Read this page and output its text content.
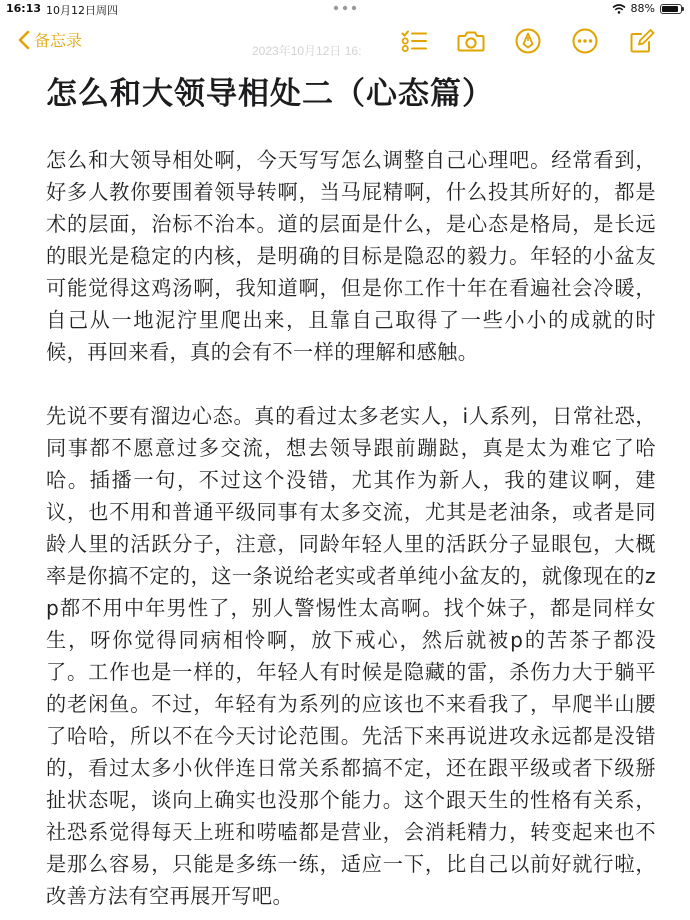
16:13 10月12日周四	88%
备忘录
2023年10月12日 16:
怎么和大领导相处二（心态篇）

怎么和大领导相处啊，今天写写怎么调整自己心理吧。经常看到，好多人教你要围着领导转啊，当马屁精啊，什么投其所好的，都是术的层面，治标不治本。道的层面是什么，是心态是格局，是长远的眼光是稳定的内核，是明确的目标是隐忍的毅力。年轻的小盆友可能觉得这鸡汤啊，我知道啊，但是你工作十年在看遍社会冷暖，自己从一地泥泞里爬出来，且靠自己取得了一些小小的成就的时候，再回来看，真的会有不一样的理解和感触。

先说不要有溜边心态。真的看过太多老实人，i人系列，日常社恐，同事都不愿意过多交流，想去领导跟前蹦跶，真是太为难它了哈哈。插播一句，不过这个没错，尤其作为新人，我的建议啊，建议，也不用和普通平级同事有太多交流，尤其是老油条，或者是同龄人里的活跃分子，注意，同龄年轻人里的活跃分子显眼包，大概率是你搞不定的，这一条说给老实或者单纯小盆友的，就像现在的zp都不用中年男性了，别人警惕性太高啊。找个妹子，都是同样女生，呀你觉得同病相怜啊，放下戒心，然后就被p的苦茶子都没了。工作也是一样的，年轻人有时候是隐藏的雷，杀伤力大于躺平的老闲鱼。不过，年轻有为系列的应该也不来看我了，早爬半山腰了哈哈，所以不在今天讨论范围。先活下来再说进攻永远都是没错的，看过太多小伙伴连日常关系都搞不定，还在跟平级或者下级掰扯状态呢，谈向上确实也没那个能力。这个跟天生的性格有关系，社恐系觉得每天上班和唠嗑都是营业，会消耗精力，转变起来也不是那么容易，只能是多练一练，适应一下，比自己以前好就行啦，改善方法有空再展开写吧。
